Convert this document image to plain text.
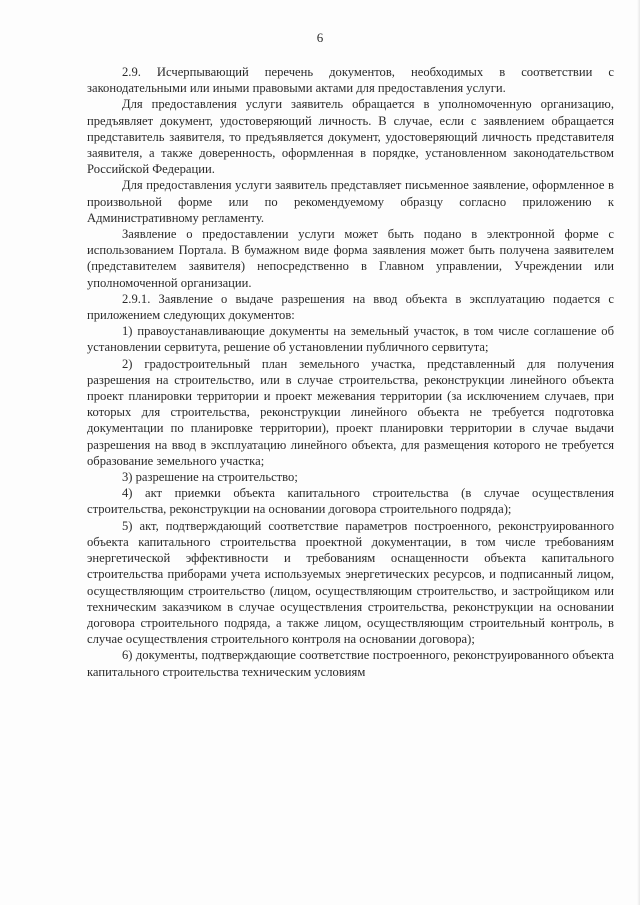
6

2.9. Исчерпывающий перечень документов, необходимых в соответствии с законодательными или иными правовыми актами для предоставления услуги.

Для предоставления услуги заявитель обращается в уполномоченную организацию, предъявляет документ, удостоверяющий личность. В случае, если с заявлением обращается представитель заявителя, то предъявляется документ, удостоверяющий личность представителя заявителя, а также доверенность, оформленная в порядке, установленном законодательством Российской Федерации.

Для предоставления услуги заявитель представляет письменное заявление, оформленное в произвольной форме или по рекомендуемому образцу согласно приложению к Административному регламенту.

Заявление о предоставлении услуги может быть подано в электронной форме с использованием Портала. В бумажном виде форма заявления может быть получена заявителем (представителем заявителя) непосредственно в Главном управлении, Учреждении или уполномоченной организации.

2.9.1. Заявление о выдаче разрешения на ввод объекта в эксплуатацию подается с приложением следующих документов:

1) правоустанавливающие документы на земельный участок, в том числе соглашение об установлении сервитута, решение об установлении публичного сервитута;

2) градостроительный план земельного участка, представленный для получения разрешения на строительство, или в случае строительства, реконструкции линейного объекта проект планировки территории и проект межевания территории (за исключением случаев, при которых для строительства, реконструкции линейного объекта не требуется подготовка документации по планировке территории), проект планировки территории в случае выдачи разрешения на ввод в эксплуатацию линейного объекта, для размещения которого не требуется образование земельного участка;

3) разрешение на строительство;

4) акт приемки объекта капитального строительства (в случае осуществления строительства, реконструкции на основании договора строительного подряда);

5) акт, подтверждающий соответствие параметров построенного, реконструированного объекта капитального строительства проектной документации, в том числе требованиям энергетической эффективности и требованиям оснащенности объекта капитального строительства приборами учета используемых энергетических ресурсов, и подписанный лицом, осуществляющим строительство (лицом, осуществляющим строительство, и застройщиком или техническим заказчиком в случае осуществления строительства, реконструкции на основании договора строительного подряда, а также лицом, осуществляющим строительный контроль, в случае осуществления строительного контроля на основании договора);

6) документы, подтверждающие соответствие построенного, реконструированного объекта капитального строительства техническим условиям
